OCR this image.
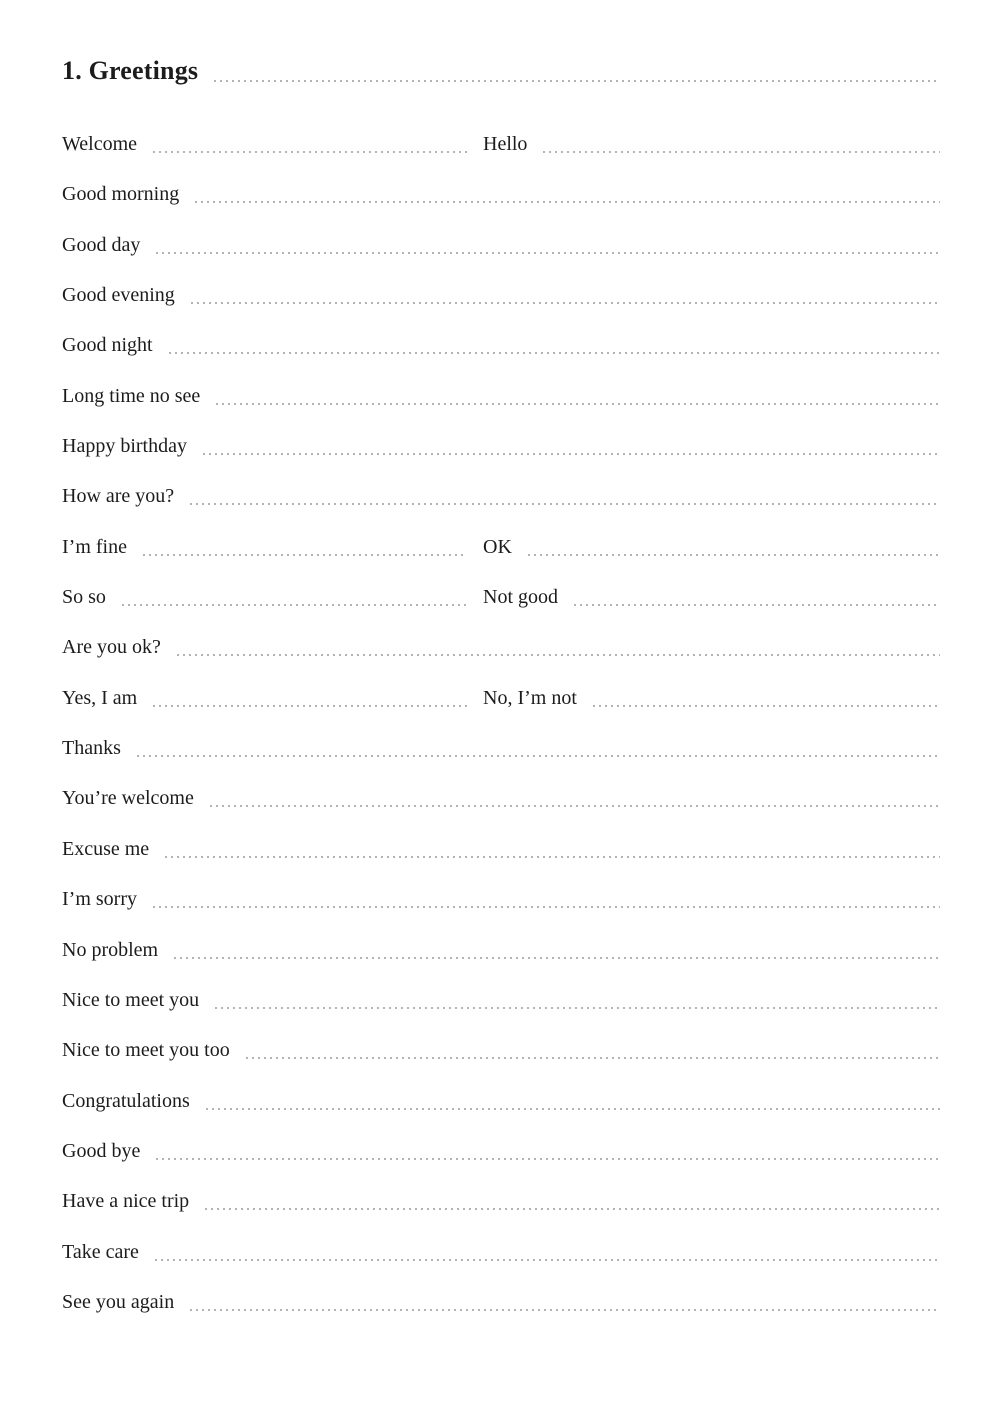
1. Greetings
Welcome	Hello
Good morning
Good day
Good evening
Good night
Long time no see
Happy birthday
How are you?
I’m fine	OK
So so	Not good
Are you ok?
Yes, I am	No, I’m not
Thanks
You’re welcome
Excuse me
I’m sorry
No problem
Nice to meet you
Nice to meet you too
Congratulations
Good bye
Have a nice trip
Take care
See you again
